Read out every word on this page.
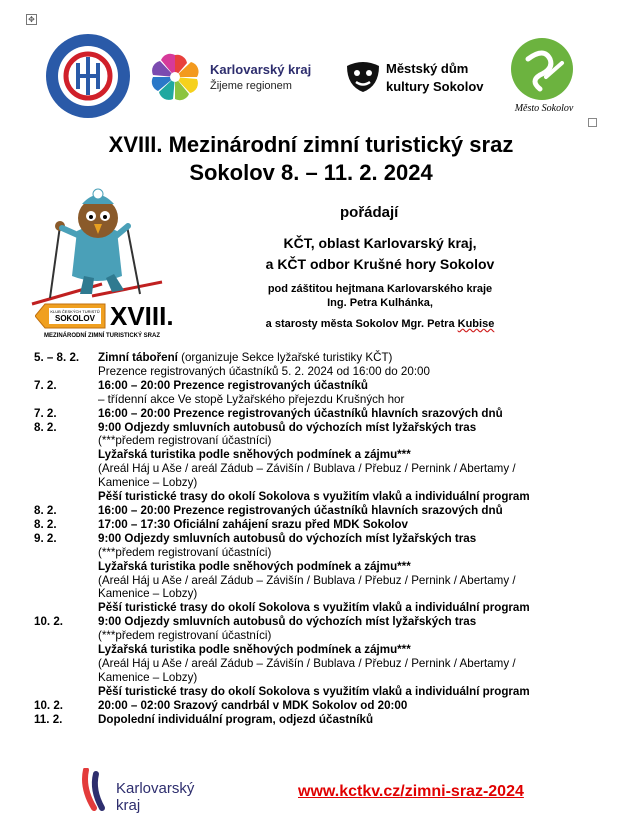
✥
Karlovarský kraj
Žijeme regionem
Městský dům
kultury Sokolov
Město Sokolov
XVIII. Mezinárodní zimní turistický sraz
Sokolov 8. – 11. 2. 2024
pořádají
KČT, oblast Karlovarský kraj,
a KČT odbor Krušné hory Sokolov
pod záštitou hejtmana Karlovarského kraje
Ing. Petra Kulhánka,
a starosty města Sokolov Mgr. Petra Kubise
KLUB ČESKÝCH TURISTŮ
SOKOLOV XVIII.
MEZINÁRODNÍ ZIMNÍ TURISTICKÝ SRAZ
5. – 8. 2.	Zimní táboření (organizuje Sekce lyžařské turistiky KČT)
Prezence registrovaných účastníků 5. 2. 2024 od 16:00 do 20:00
7. 2.	16:00 – 20:00 Prezence registrovaných účastníků
– třídenní akce Ve stopě Lyžařského přejezdu Krušných hor
7. 2.	16:00 – 20:00 Prezence registrovaných účastníků hlavních srazových dnů
8. 2.	9:00 Odjezdy smluvních autobusů do výchozích míst lyžařských tras
(***předem registrovaní účastníci)
Lyžařská turistika podle sněhových podmínek a zájmu***
(Areál Háj u Aše / areál Zádub – Závišín / Bublava / Přebuz / Pernink / Abertamy /
Kamenice – Lobzy)
Pěší turistické trasy do okolí Sokolova s využitím vlaků a individuální program
8. 2.	16:00 – 20:00 Prezence registrovaných účastníků hlavních srazových dnů
8. 2.	17:00 – 17:30 Oficiální zahájení srazu před MDK Sokolov
9. 2.	9:00 Odjezdy smluvních autobusů do výchozích míst lyžařských tras
(***předem registrovaní účastníci)
Lyžařská turistika podle sněhových podmínek a zájmu***
(Areál Háj u Aše / areál Zádub – Závišín / Bublava / Přebuz / Pernink / Abertamy /
Kamenice – Lobzy)
Pěší turistické trasy do okolí Sokolova s využitím vlaků a individuální program
10. 2.	9:00 Odjezdy smluvních autobusů do výchozích míst lyžařských tras
(***předem registrovaní účastníci)
Lyžařská turistika podle sněhových podmínek a zájmu***
(Areál Háj u Aše / areál Zádub – Závišín / Bublava / Přebuz / Pernink / Abertamy /
Kamenice – Lobzy)
Pěší turistické trasy do okolí Sokolova s využitím vlaků a individuální program
10. 2.	20:00 – 02:00 Srazový candrbál v MDK Sokolov od 20:00
11. 2.	Dopolední individuální program, odjezd účastníků
Karlovarský
kraj
www.kctkv.cz/zimni-sraz-2024
